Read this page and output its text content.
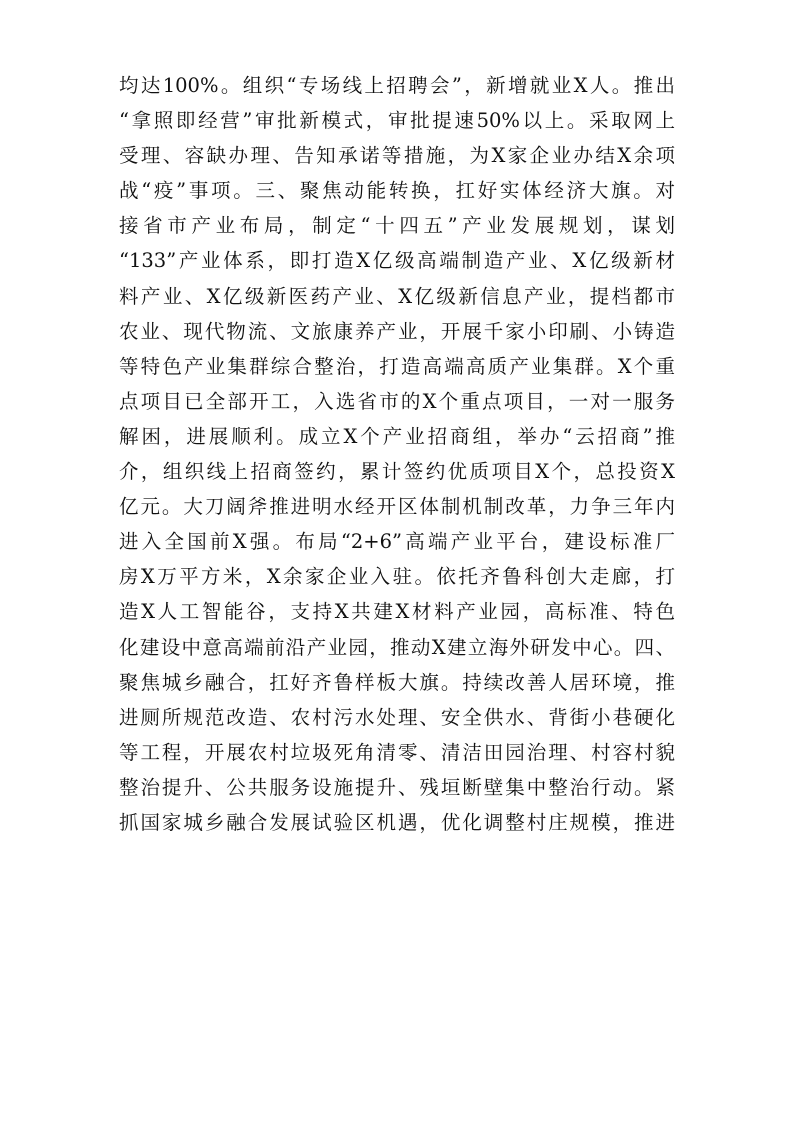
均达100%。组织“专场线上招聘会”，新增就业X人。推出
“拿照即经营”审批新模式，审批提速50%以上。采取网上
受理、容缺办理、告知承诺等措施，为X家企业办结X余项
战“疫”事项。三、聚焦动能转换，扛好实体经济大旗。对
接省市产业布局，制定“十四五”产业发展规划，谋划
“133”产业体系，即打造X亿级高端制造产业、X亿级新材
料产业、X亿级新医药产业、X亿级新信息产业，提档都市
农业、现代物流、文旅康养产业，开展千家小印刷、小铸造
等特色产业集群综合整治，打造高端高质产业集群。X个重
点项目已全部开工，入选省市的X个重点项目，一对一服务
解困，进展顺利。成立X个产业招商组，举办“云招商”推
介，组织线上招商签约，累计签约优质项目X个，总投资X
亿元。大刀阔斧推进明水经开区体制机制改革，力争三年内
进入全国前X强。布局“2+6”高端产业平台，建设标准厂
房X万平方米，X余家企业入驻。依托齐鲁科创大走廊，打
造X人工智能谷，支持X共建X材料产业园，高标准、特色
化建设中意高端前沿产业园，推动X建立海外研发中心。四、
聚焦城乡融合，扛好齐鲁样板大旗。持续改善人居环境，推
进厕所规范改造、农村污水处理、安全供水、背街小巷硬化
等工程，开展农村垃圾死角清零、清洁田园治理、村容村貌
整治提升、公共服务设施提升、残垣断壁集中整治行动。紧
抓国家城乡融合发展试验区机遇，优化调整村庄规模，推进
